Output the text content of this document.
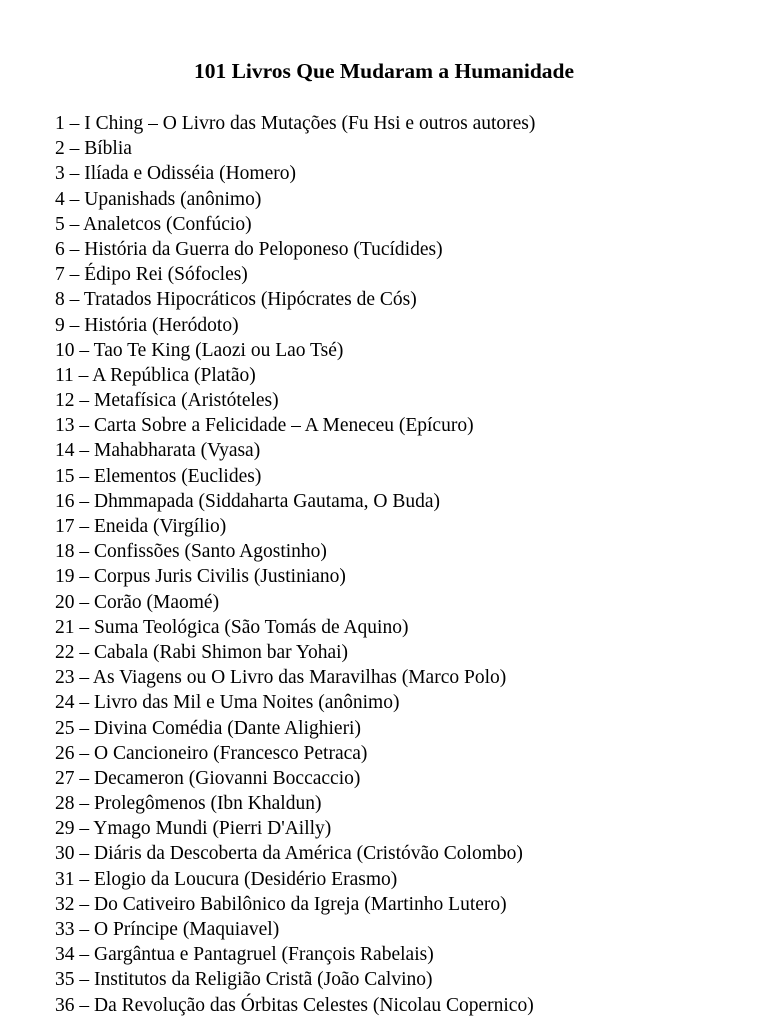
101 Livros Que Mudaram a Humanidade
1 – I Ching – O Livro das Mutações (Fu Hsi e outros autores)
2 – Bíblia
3 – Ilíada e Odisséia (Homero)
4 – Upanishads (anônimo)
5 – Analetcos (Confúcio)
6 – História da Guerra do Peloponeso (Tucídides)
7 – Édipo Rei (Sófocles)
8 – Tratados Hipocráticos (Hipócrates de Cós)
9 – História (Heródoto)
10 – Tao Te King (Laozi ou Lao Tsé)
11 – A República (Platão)
12 – Metafísica (Aristóteles)
13 – Carta Sobre a Felicidade – A Meneceu (Epícuro)
14 – Mahabharata (Vyasa)
15 – Elementos (Euclides)
16 – Dhmmapada (Siddaharta Gautama, O Buda)
17 – Eneida (Virgílio)
18 – Confissões (Santo Agostinho)
19 – Corpus Juris Civilis (Justiniano)
20 – Corão (Maomé)
21 – Suma Teológica (São Tomás de Aquino)
22 – Cabala (Rabi Shimon bar Yohai)
23 – As Viagens ou O Livro das Maravilhas (Marco Polo)
24 – Livro das Mil e Uma Noites (anônimo)
25 – Divina Comédia (Dante Alighieri)
26 – O Cancioneiro (Francesco Petraca)
27 – Decameron (Giovanni Boccaccio)
28 – Prolegômenos (Ibn Khaldun)
29 – Ymago Mundi (Pierri D'Ailly)
30 – Diáris da Descoberta da América (Cristóvão Colombo)
31 – Elogio da Loucura (Desidério Erasmo)
32 – Do Cativeiro Babilônico da Igreja (Martinho Lutero)
33 – O Príncipe (Maquiavel)
34 – Gargântua e Pantagruel (François Rabelais)
35 – Institutos da Religião Cristã (João Calvino)
36 – Da Revolução das Órbitas Celestes (Nicolau Copernico)
